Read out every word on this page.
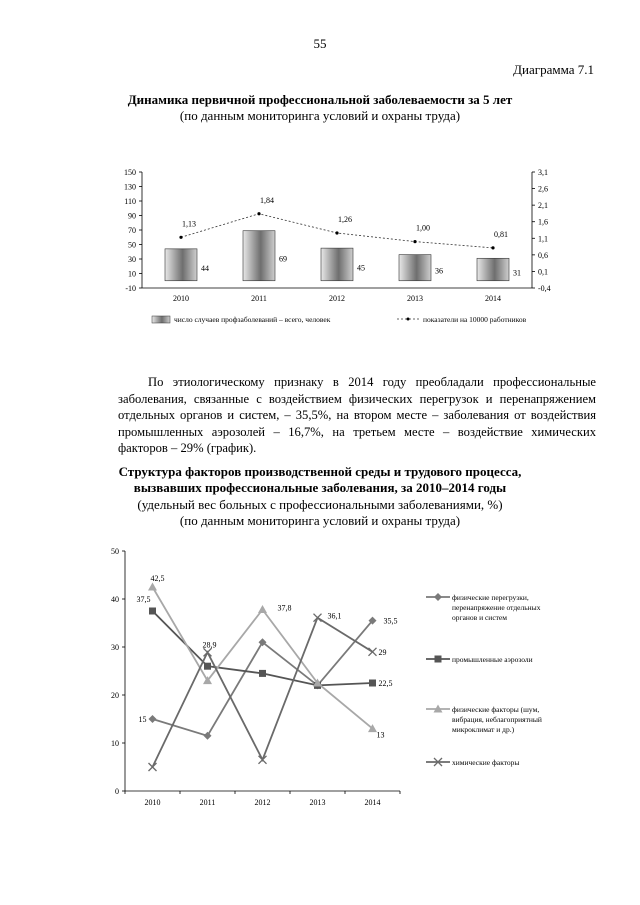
55
Диаграмма 7.1
Динамика первичной профессиональной заболеваемости за 5 лет
(по данным мониторинга условий и охраны труда)
-10
10
30
50
70
90
110
130
150
-0,4
0,1
0,6
1,1
1,6
2,1
2,6
3,1
44
69
45	36	31
2010	2011	2012	2013	2014
1,13
1,84
1,26
1,00
0,81
число случаев профзаболеваний – всего, человек	показатели на 10000 работников
По этиологическому признаку в 2014 году преобладали профессиональные заболевания, связанные с воздействием физических перегрузок и перенапряжением отдельных органов и систем, – 35,5%, на втором месте – заболевания от воздействия промышленных аэрозолей – 16,7%, на третьем месте – воздействие химических факторов – 29% (график).
Структура факторов производственной среды и трудового процесса,
вызвавших профессиональные заболевания, за 2010–2014 годы
(удельный вес больных с профессиональными заболеваниями, %)
(по данным мониторинга условий и охраны труда)
0
10
20
30
40
50
2010	2011	2012	2013	2014
15
42,5
37,5
28,9
37,8
36,1
35,5
29
22,5
13
физические перегрузки, перенапряжение отдельных органов и систем
промышленные аэрозоли
физические факторы (шум, вибрация, неблагоприятный микроклимат и др.)
химические факторы
